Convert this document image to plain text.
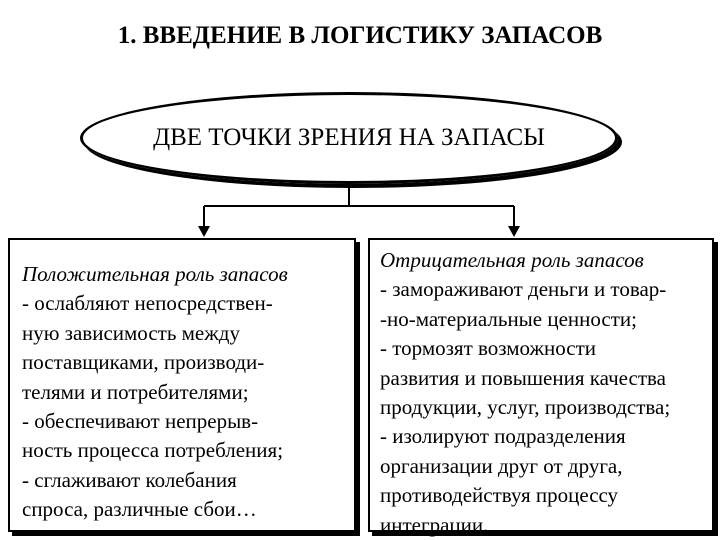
1. ВВЕДЕНИЕ В ЛОГИСТИКУ ЗАПАСОВ
ДВЕ ТОЧКИ ЗРЕНИЯ НА ЗАПАСЫ
Положительная роль запасов
- ослабляют непосредствен-
ную зависимость между
поставщиками, производи-
телями и потребителями;
- обеспечивают непрерыв-
ность процесса потребления;
- сглаживают колебания
спроса, различные сбои…
Отрицательная роль запасов
- замораживают деньги и товар-
-но-материальные ценности;
- тормозят возможности
развития и повышения качества
продукции, услуг, производства;
- изолируют подразделения
организации друг от друга,
противодействуя процессу
интеграции.
